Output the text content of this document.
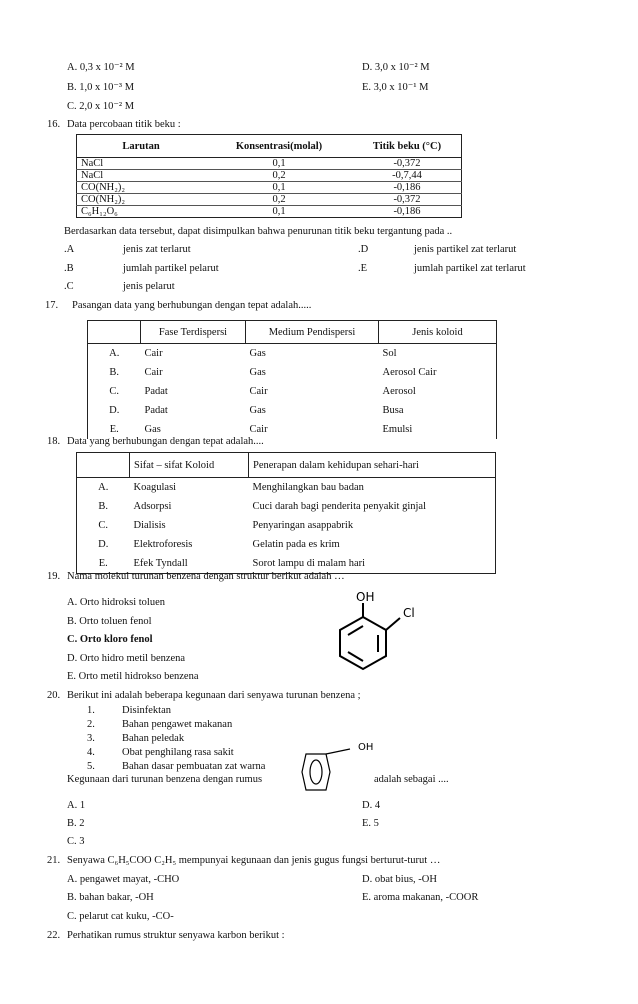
A. 0,3 x 10⁻² M
B. 1,0 x 10⁻³ M
C. 2,0 x 10⁻² M
D. 3,0 x 10⁻² M
E. 3,0 x 10⁻¹ M
16. Data percobaan titik beku :
Larutan	Konsentrasi(molal)	Titik beku (°C)
NaCl	0,1	-0,372
NaCl	0,2	-0,7,44
CO(NH₂)₂	0,1	-0,186
CO(NH₂)₂	0,2	-0,372
C₆H₁₂O₆	0,1	-0,186
Berdasarkan data tersebut, dapat disimpulkan bahwa penurunan titik beku tergantung pada ..
.A	jenis zat terlarut
.B	jumlah partikel pelarut
.C	jenis pelarut
.D	jenis partikel zat terlarut
.E	jumlah partikel zat terlarut
17. Pasangan data yang berhubungan dengan tepat adalah.....
	Fase Terdispersi	Medium Pendispersi	Jenis koloid
A.	Cair	Gas	Sol
B.	Cair	Gas	Aerosol Cair
C.	Padat	Cair	Aerosol
D.	Padat	Gas	Busa
E.	Gas	Cair	Emulsi
18. Data yang berhubungan dengan tepat adalah....
	Sifat – sifat Koloid	Penerapan dalam kehidupan sehari-hari
A.	Koagulasi	Menghilangkan bau badan
B.	Adsorpsi	Cuci darah bagi penderita penyakit ginjal
C.	Dialisis	Penyaringan asappabrik
D.	Elektroforesis	Gelatin pada es krim
E.	Efek Tyndall	Sorot lampu di malam hari
19. Nama molekul turunan benzena dengan struktur berikut adalah …
A. Orto hidroksi toluen
B. Orto toluen fenol
C. Orto kloro fenol
D. Orto hidro metil benzena
E. Orto metil hidrokso benzena
OH
Cl
20. Berikut ini adalah beberapa kegunaan dari senyawa turunan benzena ;
1.	Disinfektan
2.	Bahan pengawet makanan
3.	Bahan peledak
4.	Obat penghilang rasa sakit
5.	Bahan dasar pembuatan zat warna
Kegunaan dari turunan benzena dengan rumus	adalah sebagai ....
OH
A. 1
B. 2
C. 3
D. 4
E. 5
21. Senyawa C₆H₅COO C₂H₅ mempunyai kegunaan dan jenis gugus fungsi berturut-turut …
A. pengawet mayat, -CHO
B. bahan bakar, -OH
C. pelarut cat kuku, -CO-
D. obat bius, -OH
E. aroma makanan, -COOR
22. Perhatikan rumus struktur senyawa karbon berikut :
